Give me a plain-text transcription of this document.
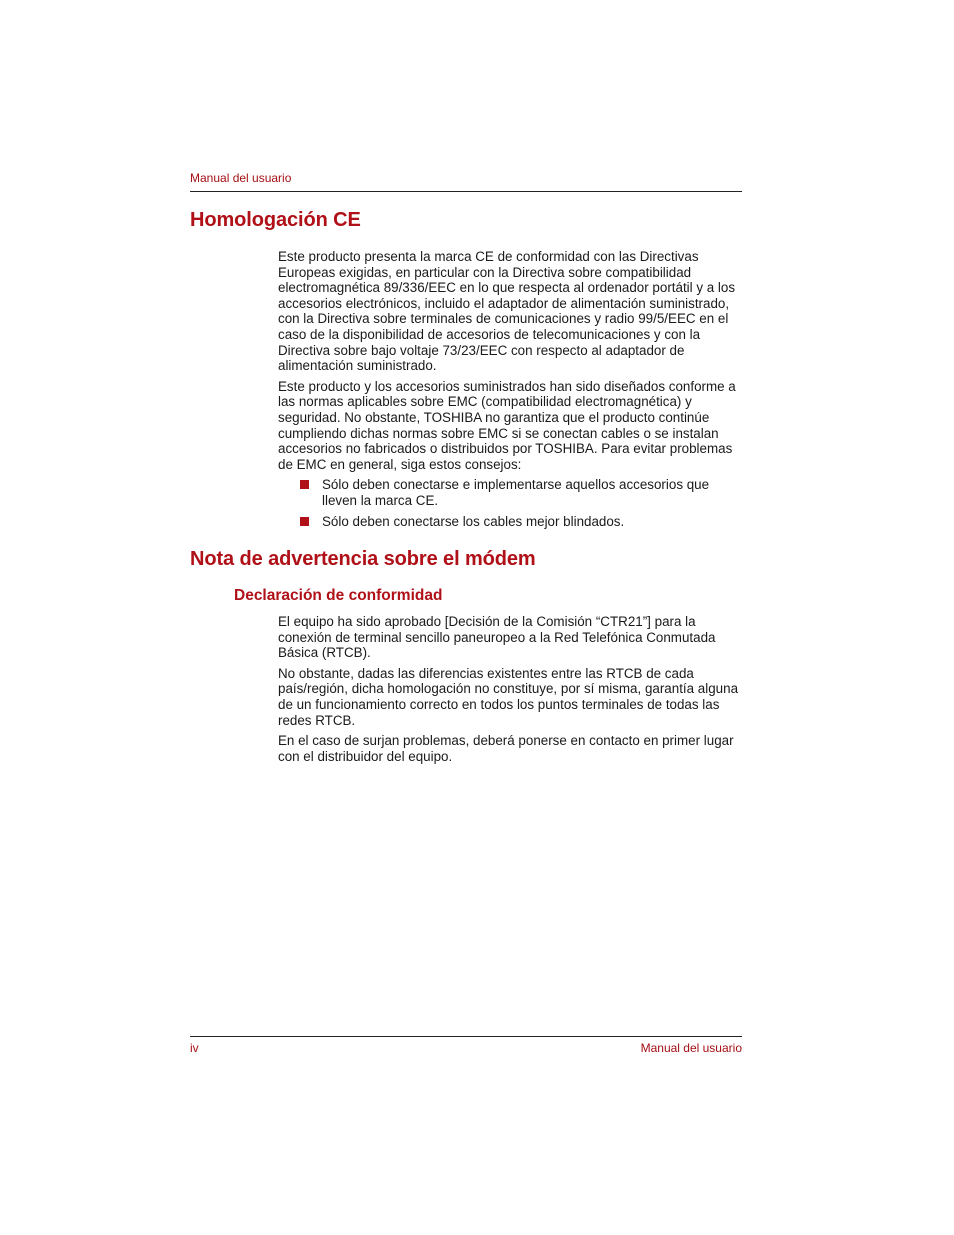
Manual del usuario
Homologación CE

Este producto presenta la marca CE de conformidad con las Directivas Europeas exigidas, en particular con la Directiva sobre compatibilidad electromagnética 89/336/EEC en lo que respecta al ordenador portátil y a los accesorios electrónicos, incluido el adaptador de alimentación suministrado, con la Directiva sobre terminales de comunicaciones y radio 99/5/EEC en el caso de la disponibilidad de accesorios de telecomunicaciones y con la Directiva sobre bajo voltaje 73/23/EEC con respecto al adaptador de alimentación suministrado.

Este producto y los accesorios suministrados han sido diseñados conforme a las normas aplicables sobre EMC (compatibilidad electromagnética) y seguridad. No obstante, TOSHIBA no garantiza que el producto continúe cumpliendo dichas normas sobre EMC si se conectan cables o se instalan accesorios no fabricados o distribuidos por TOSHIBA. Para evitar problemas de EMC en general, siga estos consejos:

Sólo deben conectarse e implementarse aquellos accesorios que lleven la marca CE.
Sólo deben conectarse los cables mejor blindados.
Nota de advertencia sobre el módem
Declaración de conformidad

El equipo ha sido aprobado [Decisión de la Comisión “CTR21”] para la conexión de terminal sencillo paneuropeo a la Red Telefónica Conmutada Básica (RTCB).

No obstante, dadas las diferencias existentes entre las RTCB de cada país/región, dicha homologación no constituye, por sí misma, garantía alguna de un funcionamiento correcto en todos los puntos terminales de todas las redes RTCB.

En el caso de surjan problemas, deberá ponerse en contacto en primer lugar con el distribuidor del equipo.

iv	Manual del usuario
